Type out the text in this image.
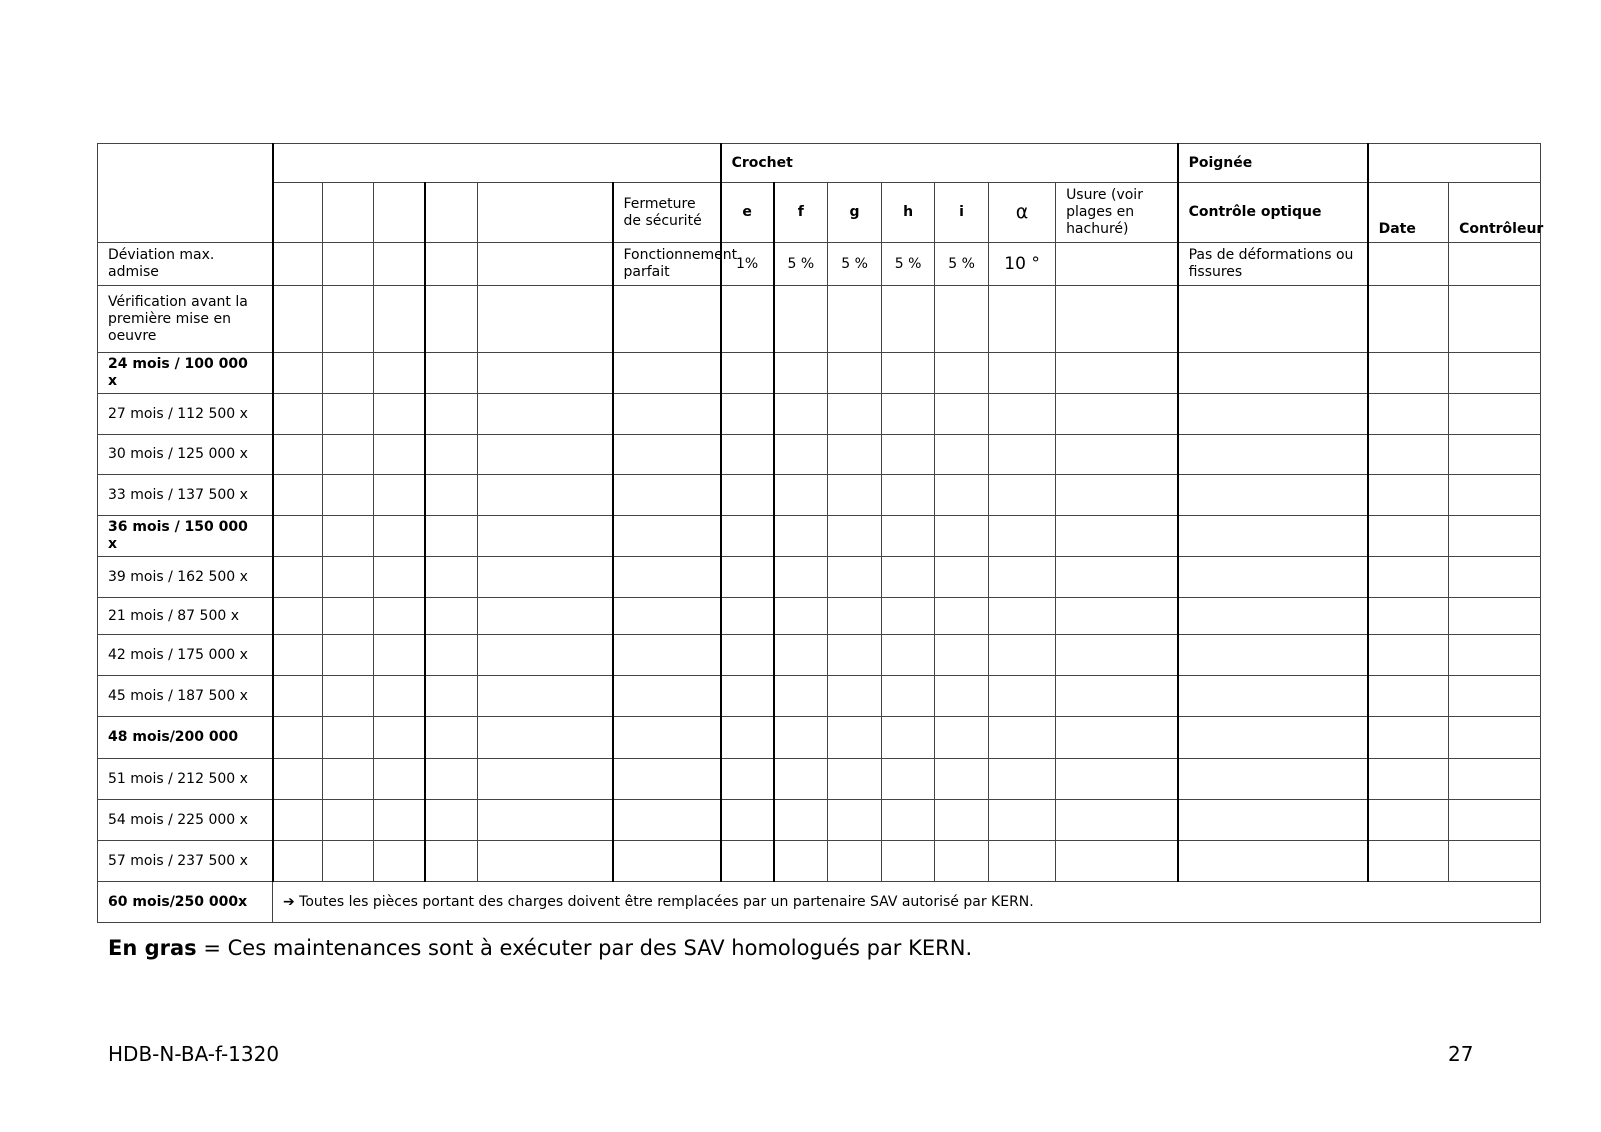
							Crochet							Poignée		
						Fermeture de sécurité	e	f	g	h	i	α	Usure (voir plages en hachuré)	Contrôle optique	Date	Contrôleur
Déviation max. admise						Fonctionnement parfait	1%	5 %	5 %	5 %	5 %	10 °		Pas de déformations ou fissures		
Vérification avant la première mise en oeuvre																
24 mois / 100 000 x																
27 mois / 112 500 x																
30 mois / 125 000 x																
33 mois / 137 500 x																
36 mois / 150 000 x																
39 mois / 162 500 x																
21 mois / 87 500 x																
42 mois / 175 000 x																
45 mois / 187 500 x																
48 mois/200 000																
51 mois / 212 500 x																
54 mois / 225 000 x																
57 mois / 237 500 x																
60 mois/250 000x	➔ Toutes les pièces portant des charges doivent être remplacées par un partenaire SAV autorisé par KERN.															
En gras = Ces maintenances sont à exécuter par des SAV homologués par KERN.
HDB-N-BA-f-1320	27
